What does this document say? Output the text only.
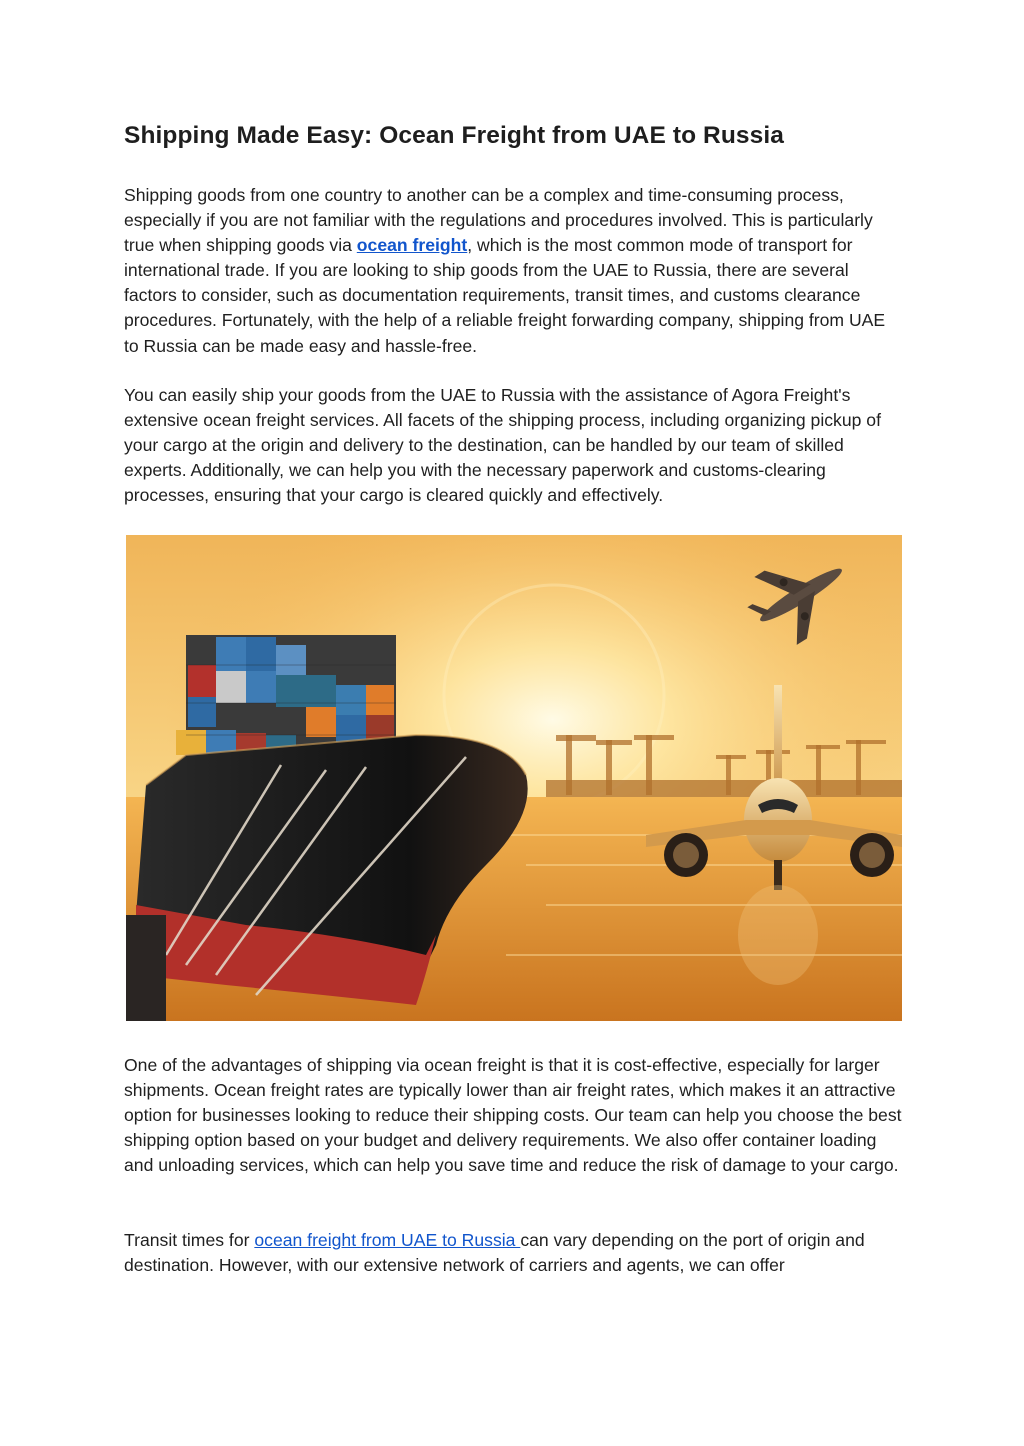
Shipping Made Easy: Ocean Freight from UAE to Russia

Shipping goods from one country to another can be a complex and time-consuming process, especially if you are not familiar with the regulations and procedures involved. This is particularly true when shipping goods via ocean freight, which is the most common mode of transport for international trade. If you are looking to ship goods from the UAE to Russia, there are several factors to consider, such as documentation requirements, transit times, and customs clearance procedures. Fortunately, with the help of a reliable freight forwarding company, shipping from UAE to Russia can be made easy and hassle-free.

You can easily ship your goods from the UAE to Russia with the assistance of Agora Freight's extensive ocean freight services. All facets of the shipping process, including organizing pickup of your cargo at the origin and delivery to the destination, can be handled by our team of skilled experts. Additionally, we can help you with the necessary paperwork and customs-clearing processes, ensuring that your cargo is cleared quickly and effectively.

One of the advantages of shipping via ocean freight is that it is cost-effective, especially for larger shipments. Ocean freight rates are typically lower than air freight rates, which makes it an attractive option for businesses looking to reduce their shipping costs. Our team can help you choose the best shipping option based on your budget and delivery requirements. We also offer container loading and unloading services, which can help you save time and reduce the risk of damage to your cargo.

Transit times for ocean freight from UAE to Russia can vary depending on the port of origin and destination. However, with our extensive network of carriers and agents, we can offer
